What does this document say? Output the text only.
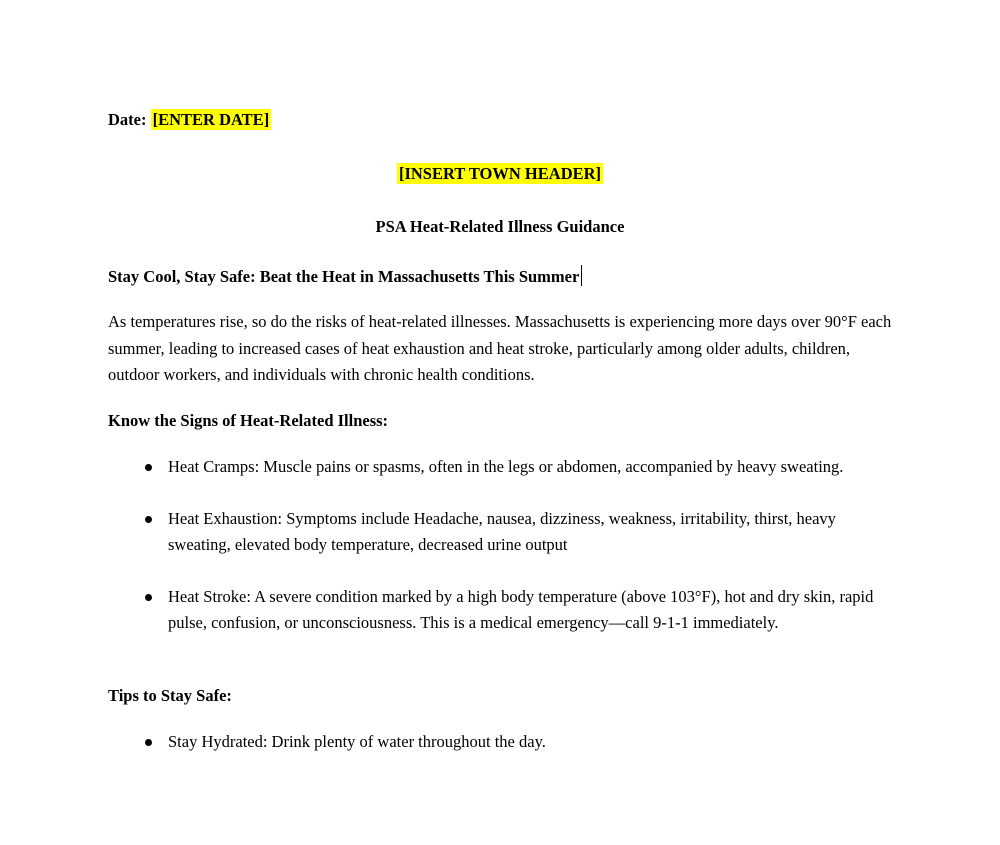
Date: [ENTER DATE]

[INSERT TOWN HEADER]

PSA Heat-Related Illness Guidance

Stay Cool, Stay Safe: Beat the Heat in Massachusetts This Summer

As temperatures rise, so do the risks of heat-related illnesses. Massachusetts is experiencing more days over 90°F each summer, leading to increased cases of heat exhaustion and heat stroke, particularly among older adults, children, outdoor workers, and individuals with chronic health conditions.

Know the Signs of Heat-Related Illness:

Heat Cramps: Muscle pains or spasms, often in the legs or abdomen, accompanied by heavy sweating.
Heat Exhaustion: Symptoms include Headache, nausea, dizziness, weakness, irritability, thirst, heavy sweating, elevated body temperature, decreased urine output
Heat Stroke: A severe condition marked by a high body temperature (above 103°F), hot and dry skin, rapid pulse, confusion, or unconsciousness. This is a medical emergency—call 9-1-1 immediately.

Tips to Stay Safe:

Stay Hydrated: Drink plenty of water throughout the day.
